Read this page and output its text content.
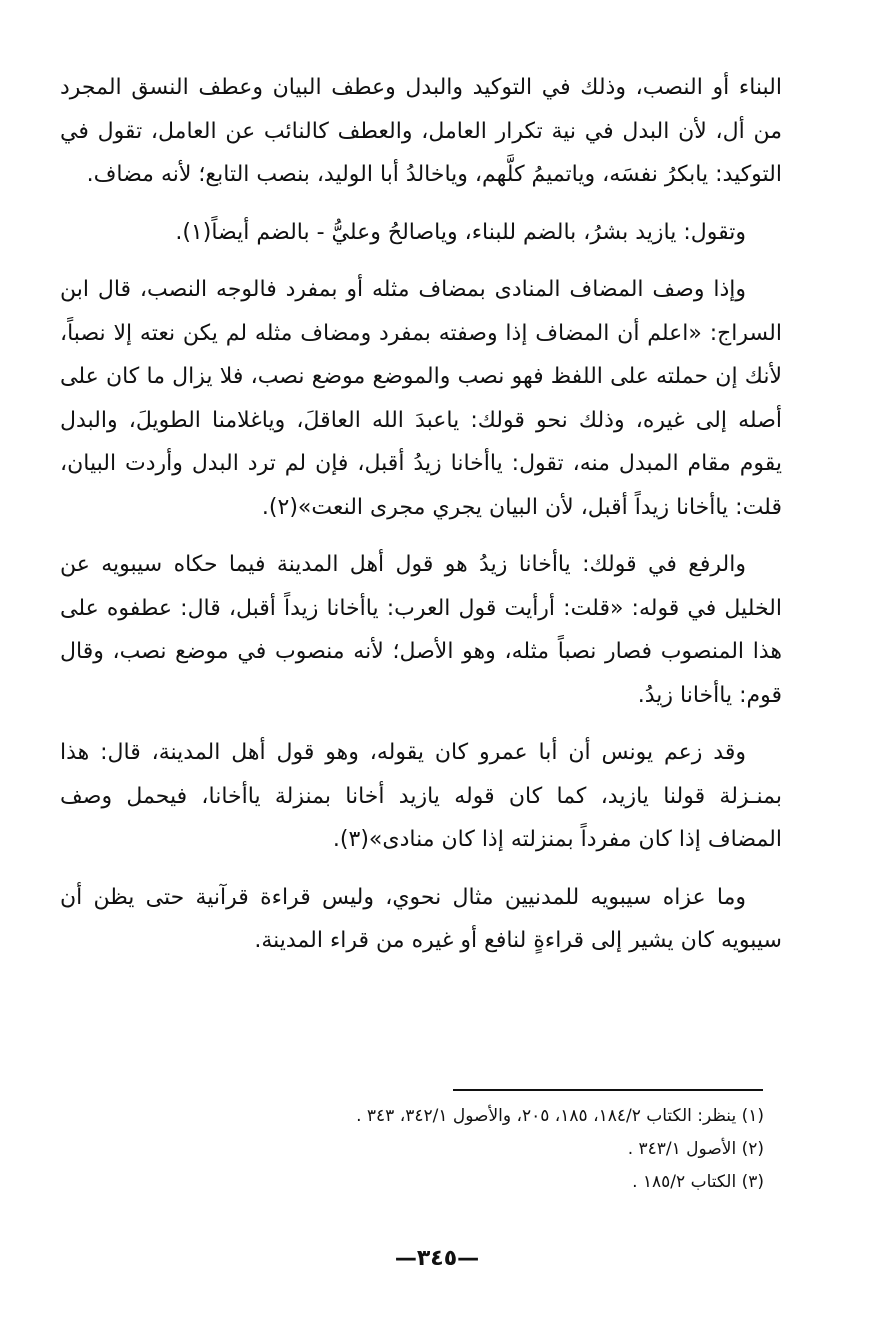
البناء أو النصب، وذلك في التوكيد والبدل وعطف البيان وعطف النسق المجرد من أل، لأن البدل في نية تكرار العامل، والعطف كالنائب عن العامل، تقول في التوكيد: يابكرُ نفسَه، وياتميمُ كلَّهم، وياخالدُ أبا الوليد، بنصب التابع؛ لأنه مضاف.

وتقول: يازيد بشرُ، بالضم للبناء، وياصالحُ وعليُّ - بالضم أيضاً(١).

وإذا وصف المضاف المنادى بمضاف مثله أو بمفرد فالوجه النصب، قال ابن السراج: «اعلم أن المضاف إذا وصفته بمفرد ومضاف مثله لم يكن نعته إلا نصباً، لأنك إن حملته على اللفظ فهو نصب والموضع موضع نصب، فلا يزال ما كان على أصله إلى غيره، وذلك نحو قولك: ياعبدَ الله العاقلَ، وياغلامنا الطويلَ، والبدل يقوم مقام المبدل منه، تقول: ياأخانا زيدُ أقبل، فإن لم ترد البدل وأردت البيان، قلت: ياأخانا زيداً أقبل، لأن البيان يجري مجرى النعت»(٢).

والرفع في قولك: ياأخانا زيدُ هو قول أهل المدينة فيما حكاه سيبويه عن الخليل في قوله: «قلت: أرأيت قول العرب: ياأخانا زيداً أقبل، قال: عطفوه على هذا المنصوب فصار نصباً مثله، وهو الأصل؛ لأنه منصوب في موضع نصب، وقال قوم: ياأخانا زيدُ.

وقد زعم يونس أن أبا عمرو كان يقوله، وهو قول أهل المدينة، قال: هذا بمنـزلة قولنا يازيد، كما كان قوله يازيد أخانا بمنزلة ياأخانا، فيحمل وصف المضاف إذا كان مفرداً بمنزلته إذا كان منادى»(٣).

وما عزاه سيبويه للمدنيين مثال نحوي، وليس قراءة قرآنية حتى يظن أن سيبويه كان يشير إلى قراءةٍ لنافع أو غيره من قراء المدينة.

(١) ينظر: الكتاب ١٨٤/٢، ١٨٥، ٢٠٥، والأصول ٣٤٢/١، ٣٤٣ .

(٢) الأصول ٣٤٣/١ .

(٣) الكتاب ١٨٥/٢ .

—٣٤٥—
